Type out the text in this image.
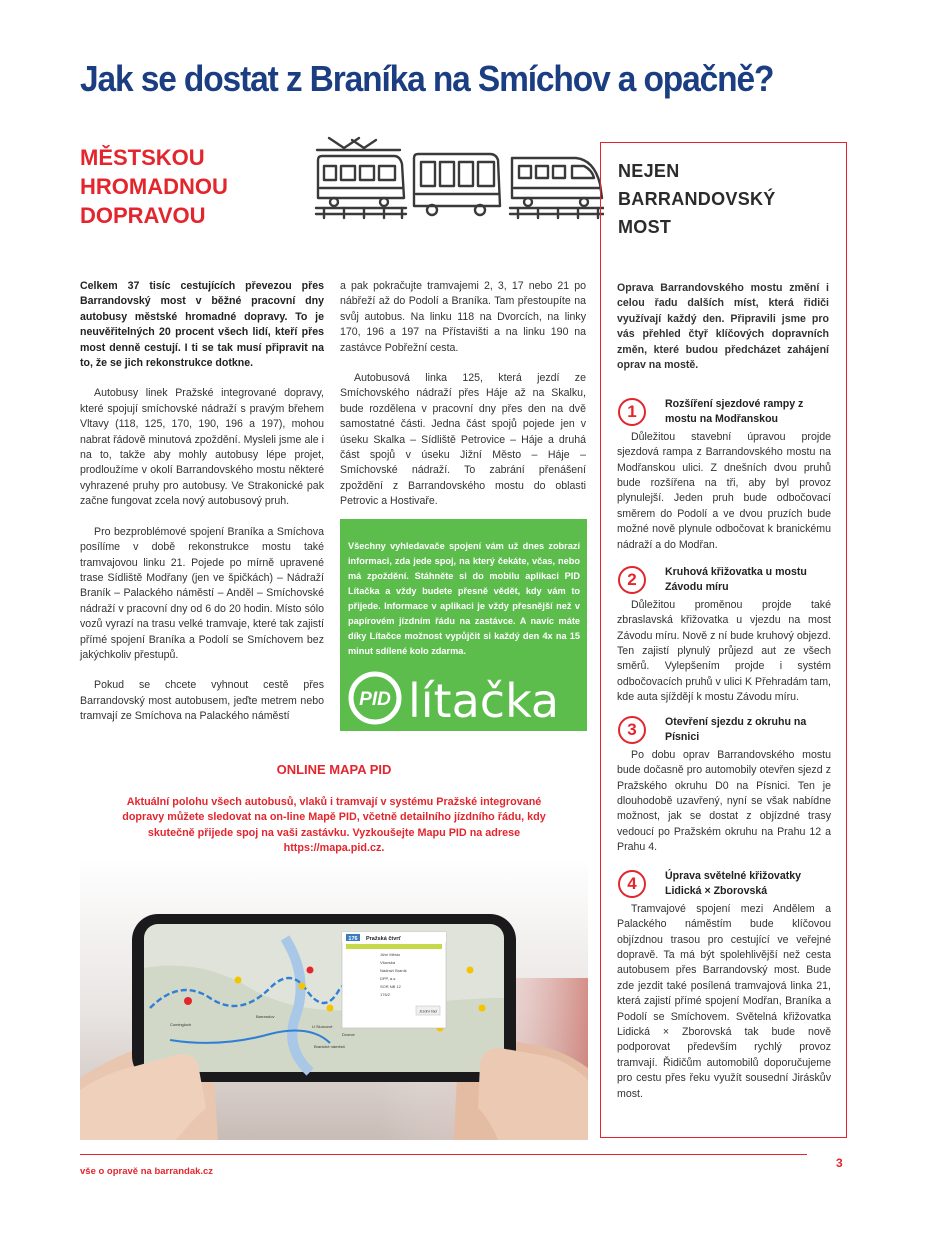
Jak se dostat z Braníka na Smíchov a opačně?
MĚSTSKOU
HROMADNOU
DOPRAVOU

Celkem 37 tisíc cestujících převezou přes Barrandovský most v běžné pracovní dny autobusy městské hromadné dopravy. To je neuvěřitelných 20 procent všech lidí, kteří přes most denně cestují. I ti se tak musí připravit na to, že se jich rekonstrukce dotkne.

Autobusy linek Pražské integrované dopravy, které spojují smíchovské nádraží s pravým břehem Vltavy (118, 125, 170, 190, 196 a 197), mohou nabrat řádově minutová zpoždění. Mysleli jsme ale i na to, takže aby mohly autobusy lépe projet, prodloužíme v okolí Barrandovského mostu některé vyhrazené pruhy pro autobusy. Ve Strakonické pak začne fungovat zcela nový autobusový pruh.

Pro bezproblémové spojení Braníka a Smíchova posílíme v době rekonstrukce mostu také tramvajovou linku 21. Pojede po mírně upravené trase Sídliště Modřany (jen ve špičkách) – Nádraží Braník – Palackého náměstí – Anděl – Smíchovské nádraží v pracovní dny od 6 do 20 hodin. Místo sólo vozů vyrazí na trasu velké tramvaje, které tak zajistí přímé spojení Braníka a Podolí se Smíchovem bez jakýchkoliv přestupů.

Pokud se chcete vyhnout cestě přes Barrandovský most autobusem, jeďte metrem nebo tramvají ze Smíchova na Palackého náměstí

a pak pokračujte tramvajemi 2, 3, 17 nebo 21 po nábřeží až do Podolí a Braníka. Tam přestoupíte na svůj autobus. Na linku 118 na Dvorcích, na linky 170, 196 a 197 na Přístavišti a na linku 190 na zastávce Pobřežní cesta.

Autobusová linka 125, která jezdí ze Smíchovského nádraží přes Háje až na Skalku, bude rozdělena v pracovní dny přes den na dvě samostatné části. Jedna část spojů pojede jen v úseku Skalka – Sídliště Petrovice – Háje a druhá část spojů v úseku Jižní Město – Háje – Smíchovské nádraží. To zabrání přenášení zpoždění z Barrandovského mostu do oblasti Petrovic a Hostivaře.

Všechny vyhledavače spojení vám už dnes zobrazí informaci, zda jede spoj, na který čekáte, včas, nebo má zpoždění. Stáhněte si do mobilu aplikaci PID Lítačka a vždy budete přesně vědět, kdy vám to přijede. Informace v aplikaci je vždy přesnější než v papírovém jízdním řádu na zastávce. A navíc máte díky Lítačce možnost vypůjčit si každý den 4x na 15 minut sdílené kolo zdarma.
PID lítačka
ONLINE MAPA PID
Aktuální polohu všech autobusů, vlaků i tramvají v systému Pražské integrované dopravy můžete sledovat na on-line Mapě PID, včetně detailního jízdního řádu, kdy skutečně přijede spoj na vaši zastávku. Vyzkoušejte Mapu PID na adrese https://mapa.pid.cz.
176 Pražská čtvrť
Jižní Město
Vltavská
Nádraží Braník
DPP, a.s.
SOR NB 12
176/2
Jízdní řád
Comingloch
Barrandov
U Sluncové
Dvorce
Branické náměstí
NEJEN
BARRANDOVSKÝ
MOST
Oprava Barrandovského mostu změní i celou řadu dalších míst, která řidiči využívají každý den. Připravili jsme pro vás přehled čtyř klíčových dopravních změn, které budou předcházet zahájení oprav na mostě.
1	Rozšíření sjezdové rampy z mostu na Modřanskou
Důležitou stavební úpravou projde sjezdová rampa z Barrandovského mostu na Modřanskou ulici. Z dnešních dvou pruhů bude rozšířena na tři, aby byl provoz plynulejší. Jeden pruh bude odbočovací směrem do Podolí a ve dvou pruzích bude možné nově plynule odbočovat k branickému nádraží a do Modřan.
2	Kruhová křižovatka u mostu Závodu míru
Důležitou proměnou projde také zbraslavská křižovatka u vjezdu na most Závodu míru. Nově z ní bude kruhový objezd. Ten zajistí plynulý průjezd aut ze všech směrů. Vylepšením projde i systém odbočovacích pruhů v ulici K Přehradám tam, kde auta sjíždějí k mostu Závodu míru.
3	Otevření sjezdu z okruhu na Písnici
Po dobu oprav Barrandovského mostu bude dočasně pro automobily otevřen sjezd z Pražského okruhu D0 na Písnici. Ten je dlouhodobě uzavřený, nyní se však nabídne možnost, jak se dostat z objízdné trasy vedoucí po Pražském okruhu na Prahu 12 a Prahu 4.
4	Úprava světelné křižovatky Lidická × Zborovská
Tramvajové spojení mezi Andělem a Palackého náměstím bude klíčovou objízdnou trasou pro cestující ve veřejné dopravě. Ta má být spolehlivější než cesta autobusem přes Barrandovský most. Bude zde jezdit také posílená tramvajová linka 21, která zajistí přímé spojení Modřan, Braníka a Podolí se Smíchovem. Světelná křižovatka Lidická × Zborovská tak bude nově podporovat především rychlý provoz tramvají. Řidičům automobilů doporučujeme pro cestu přes řeku využít sousední Jiráskův most.
vše o opravě na barrandak.cz
3
